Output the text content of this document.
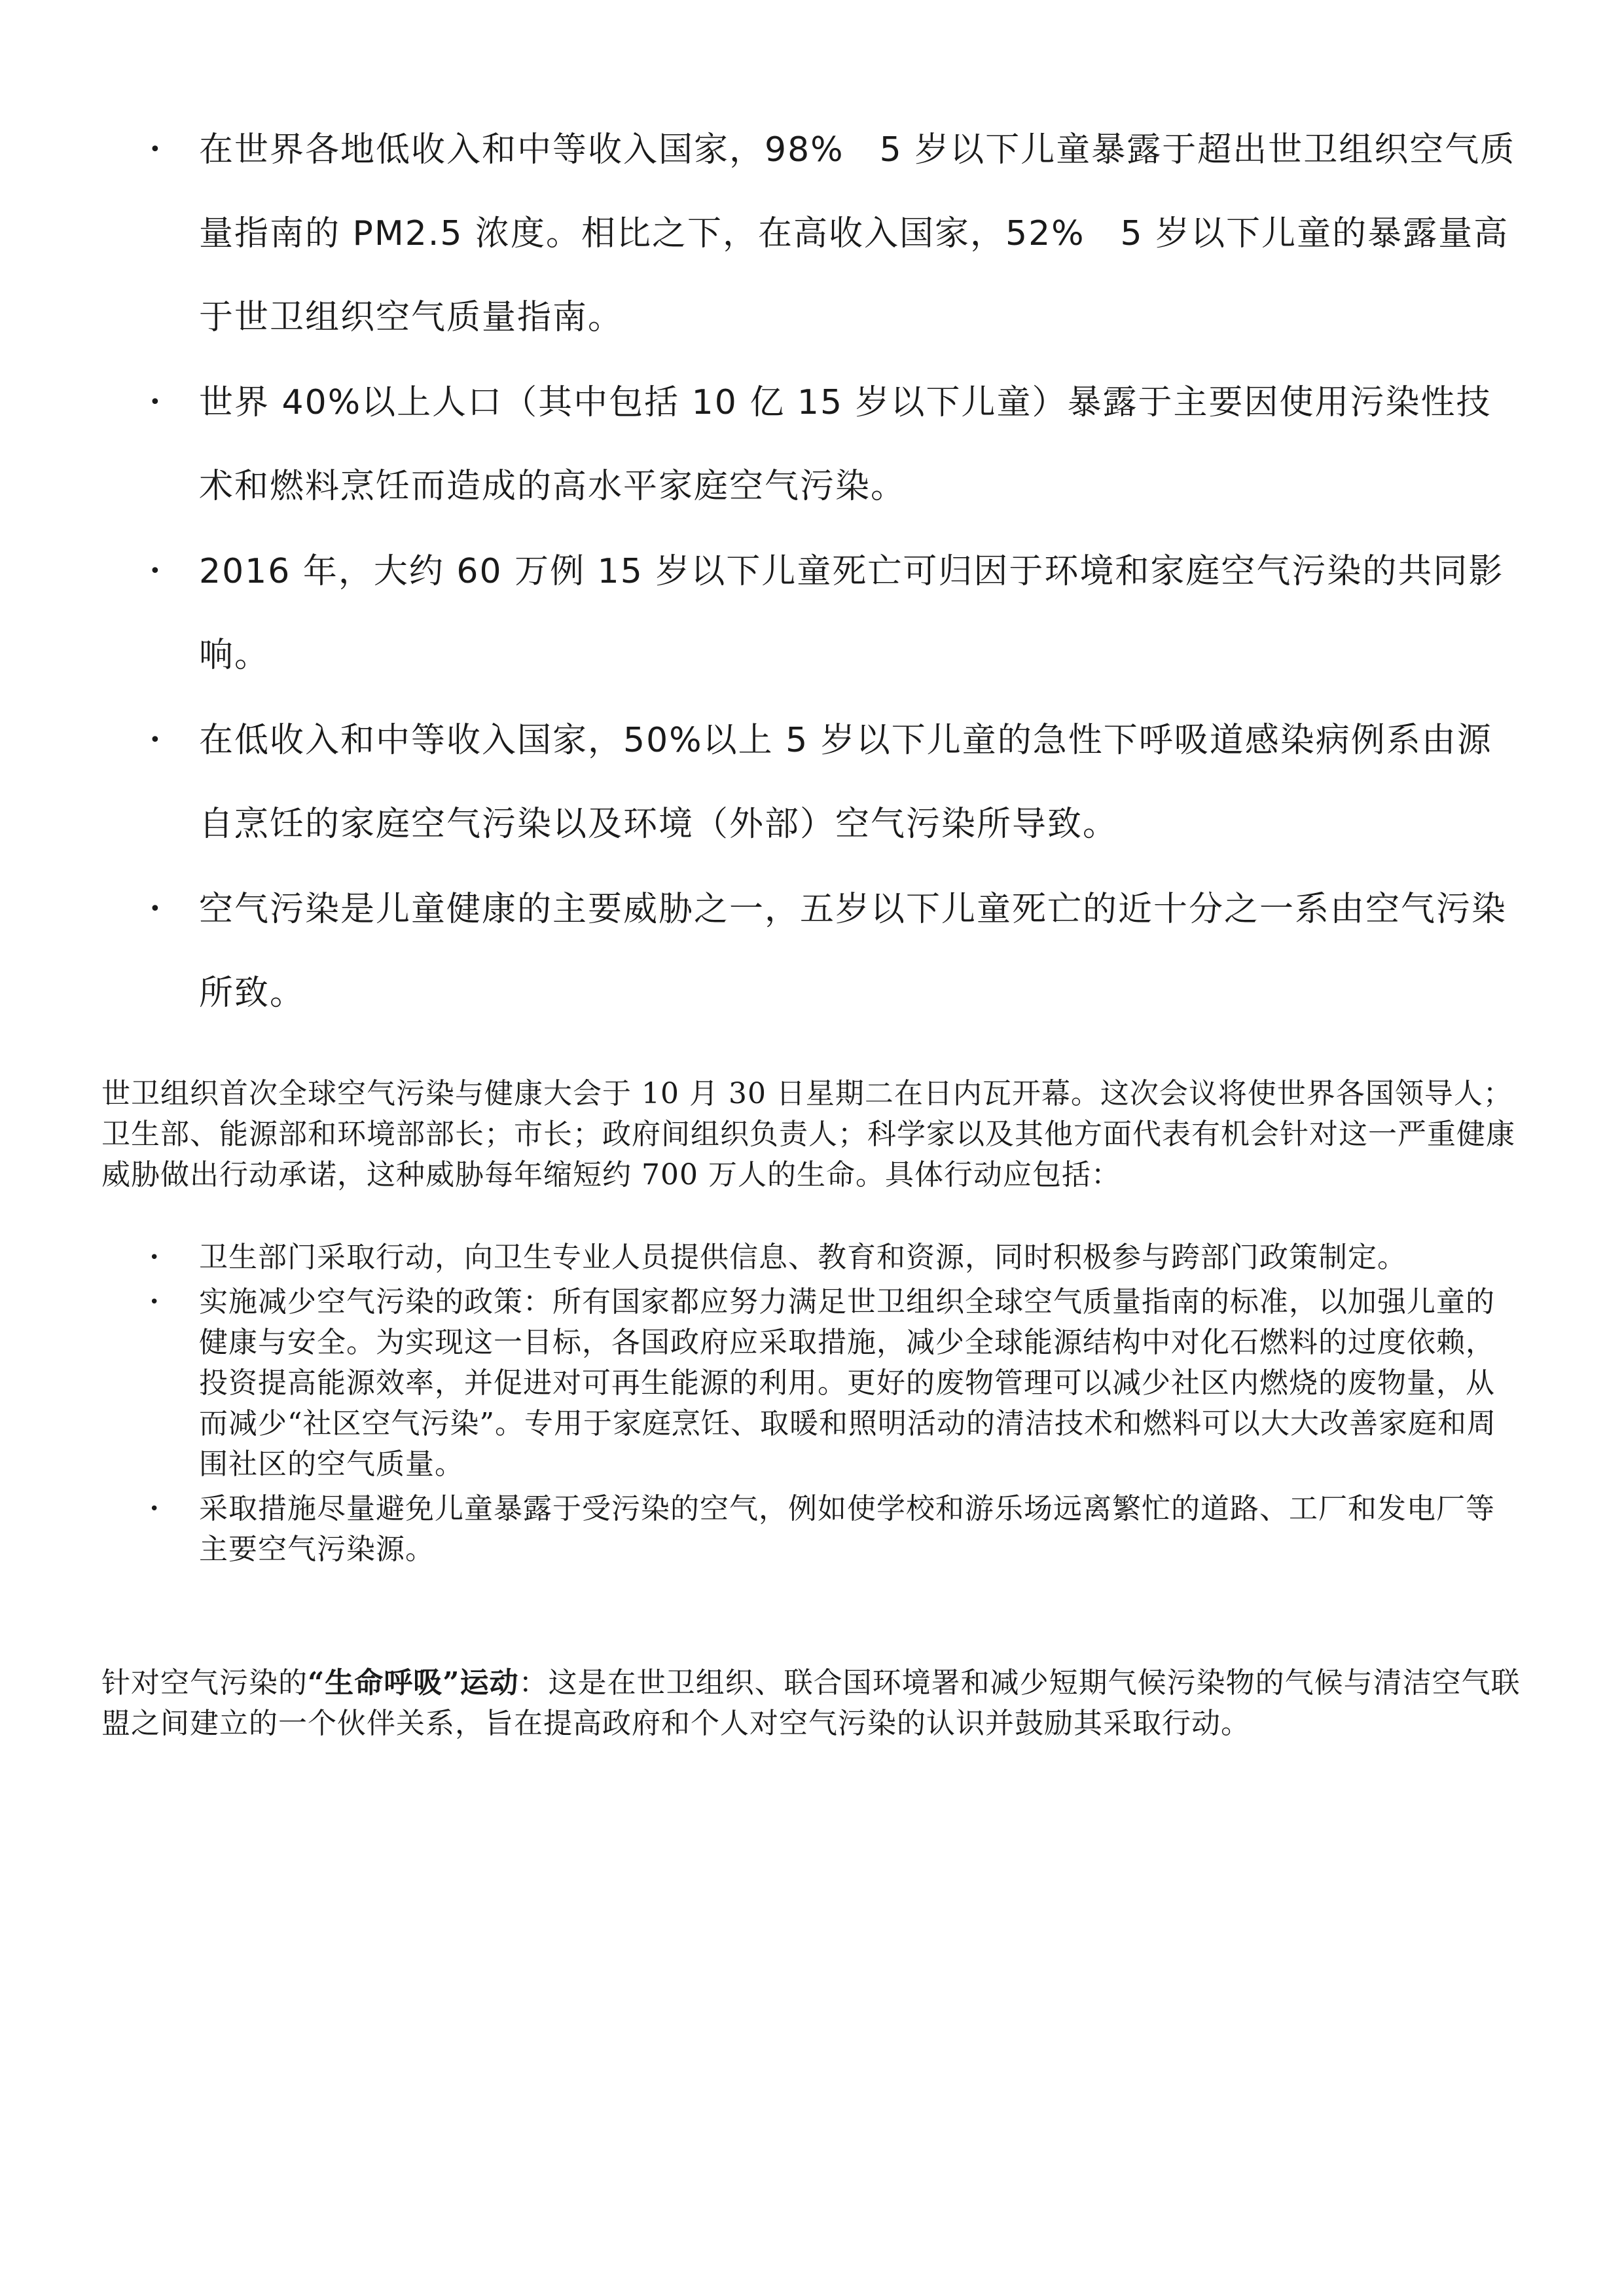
• 在世界各地低收入和中等收入国家，98%　5 岁以下儿童暴露于超出世卫组织空气质量指南的 PM2.5 浓度。相比之下，在高收入国家，52%　5 岁以下儿童的暴露量高于世卫组织空气质量指南。
• 世界 40%以上人口（其中包括 10 亿 15 岁以下儿童）暴露于主要因使用污染性技术和燃料烹饪而造成的高水平家庭空气污染。
• 2016 年，大约 60 万例 15 岁以下儿童死亡可归因于环境和家庭空气污染的共同影响。
• 在低收入和中等收入国家，50%以上 5 岁以下儿童的急性下呼吸道感染病例系由源自烹饪的家庭空气污染以及环境（外部）空气污染所导致。
• 空气污染是儿童健康的主要威胁之一，五岁以下儿童死亡的近十分之一系由空气污染所致。

世卫组织首次全球空气污染与健康大会于 10 月 30 日星期二在日内瓦开幕。这次会议将使世界各国领导人；卫生部、能源部和环境部部长；市长；政府间组织负责人；科学家以及其他方面代表有机会针对这一严重健康威胁做出行动承诺，这种威胁每年缩短约 700 万人的生命。具体行动应包括：

• 卫生部门采取行动，向卫生专业人员提供信息、教育和资源，同时积极参与跨部门政策制定。
• 实施减少空气污染的政策：所有国家都应努力满足世卫组织全球空气质量指南的标准，以加强儿童的健康与安全。为实现这一目标，各国政府应采取措施，减少全球能源结构中对化石燃料的过度依赖，投资提高能源效率，并促进对可再生能源的利用。更好的废物管理可以减少社区内燃烧的废物量，从而减少“社区空气污染”。专用于家庭烹饪、取暖和照明活动的清洁技术和燃料可以大大改善家庭和周围社区的空气质量。
• 采取措施尽量避免儿童暴露于受污染的空气，例如使学校和游乐场远离繁忙的道路、工厂和发电厂等主要空气污染源。

针对空气污染的“生命呼吸”运动：这是在世卫组织、联合国环境署和减少短期气候污染物的气候与清洁空气联盟之间建立的一个伙伴关系，旨在提高政府和个人对空气污染的认识并鼓励其采取行动。
